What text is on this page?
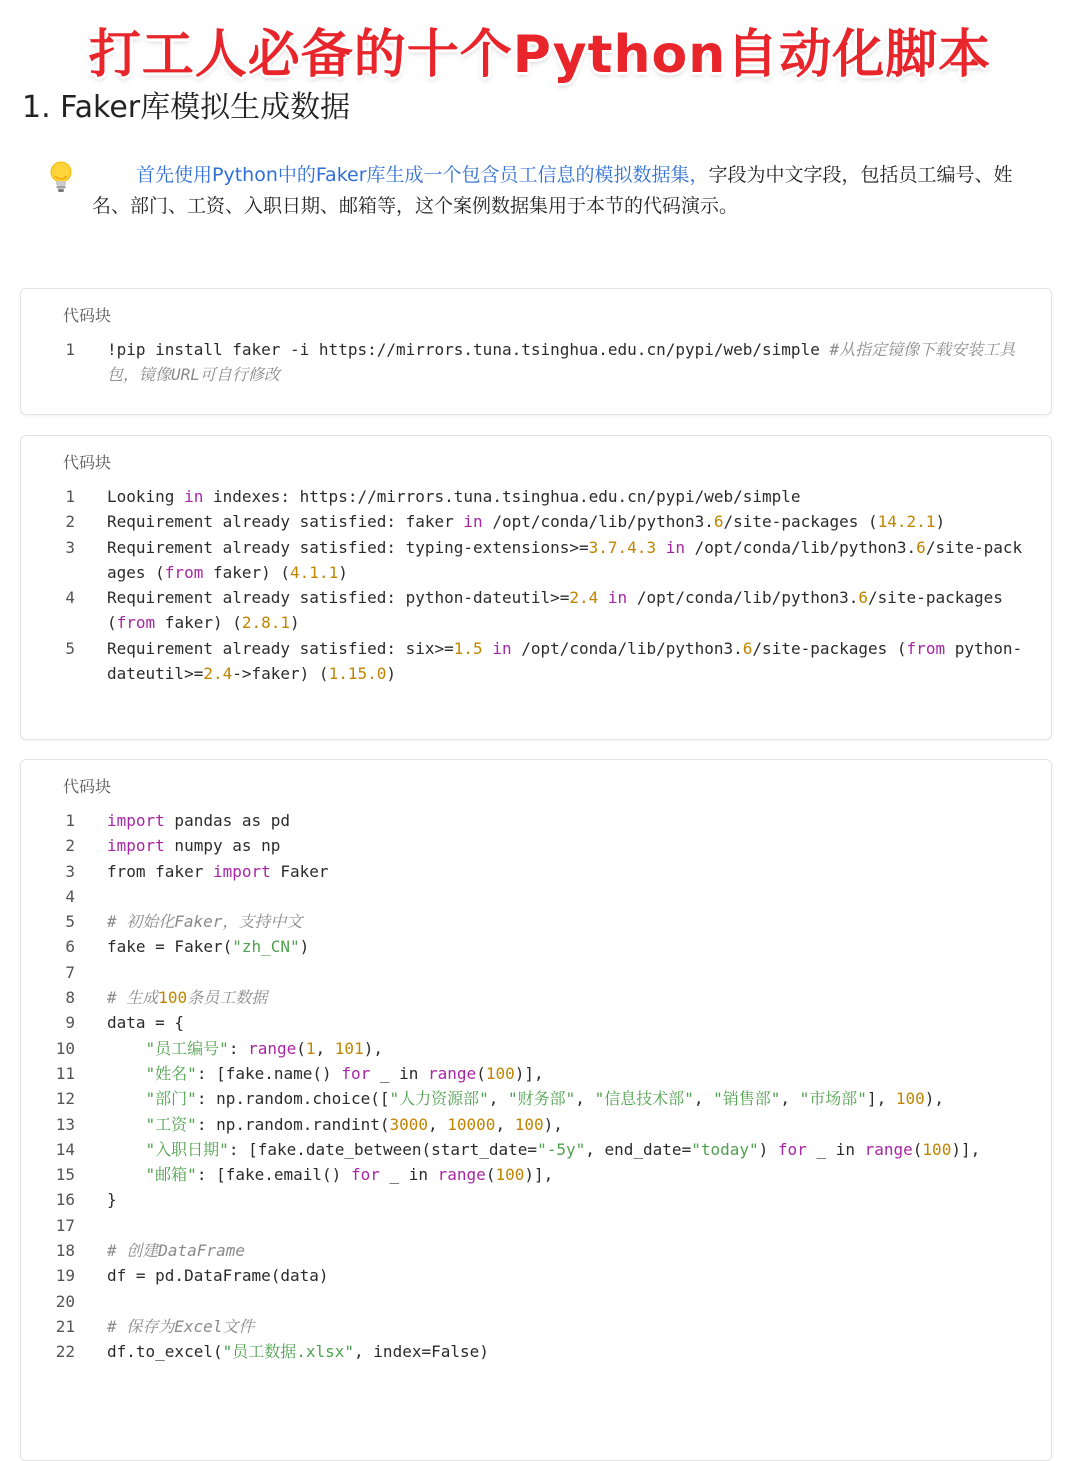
打工人必备的十个Python自动化脚本
1. Faker库模拟生成数据
首先使用Python中的Faker库生成一个包含员工信息的模拟数据集，字段为中文字段，包括员工编号、姓名、部门、工资、入职日期、邮箱等，这个案例数据集用于本节的代码演示。
代码块
1 !pip install faker -i https://mirrors.tuna.tsinghua.edu.cn/pypi/web/simple #从指定镜像下载安装工具包，镜像URL可自行修改
代码块
1 Looking in indexes: https://mirrors.tuna.tsinghua.edu.cn/pypi/web/simple
2 Requirement already satisfied: faker in /opt/conda/lib/python3.6/site-packages (14.2.1)
3 Requirement already satisfied: typing-extensions>=3.7.4.3 in /opt/conda/lib/python3.6/site-packages (from faker) (4.1.1)
4 Requirement already satisfied: python-dateutil>=2.4 in /opt/conda/lib/python3.6/site-packages (from faker) (2.8.1)
5 Requirement already satisfied: six>=1.5 in /opt/conda/lib/python3.6/site-packages (from python-dateutil>=2.4->faker) (1.15.0)
代码块
1 import pandas as pd
2 import numpy as np
3 from faker import Faker
4

5 # 初始化Faker，支持中文
6 fake = Faker("zh_CN")
7

8 # 生成100条员工数据
9 data = {
10	"员工编号": range(1, 101),
11	"姓名": [fake.name() for _ in range(100)],
12	"部门": np.random.choice(["人力资源部", "财务部", "信息技术部", "销售部", "市场部"], 100),
13	"工资": np.random.randint(3000, 10000, 100),
14	"入职日期": [fake.date_between(start_date="-5y", end_date="today") for _ in range(100)],
15	"邮箱": [fake.email() for _ in range(100)],
16 }
17

18 # 创建DataFrame
19 df = pd.DataFrame(data)
20

21 # 保存为Excel文件
22 df.to_excel("员工数据.xlsx", index=False)
